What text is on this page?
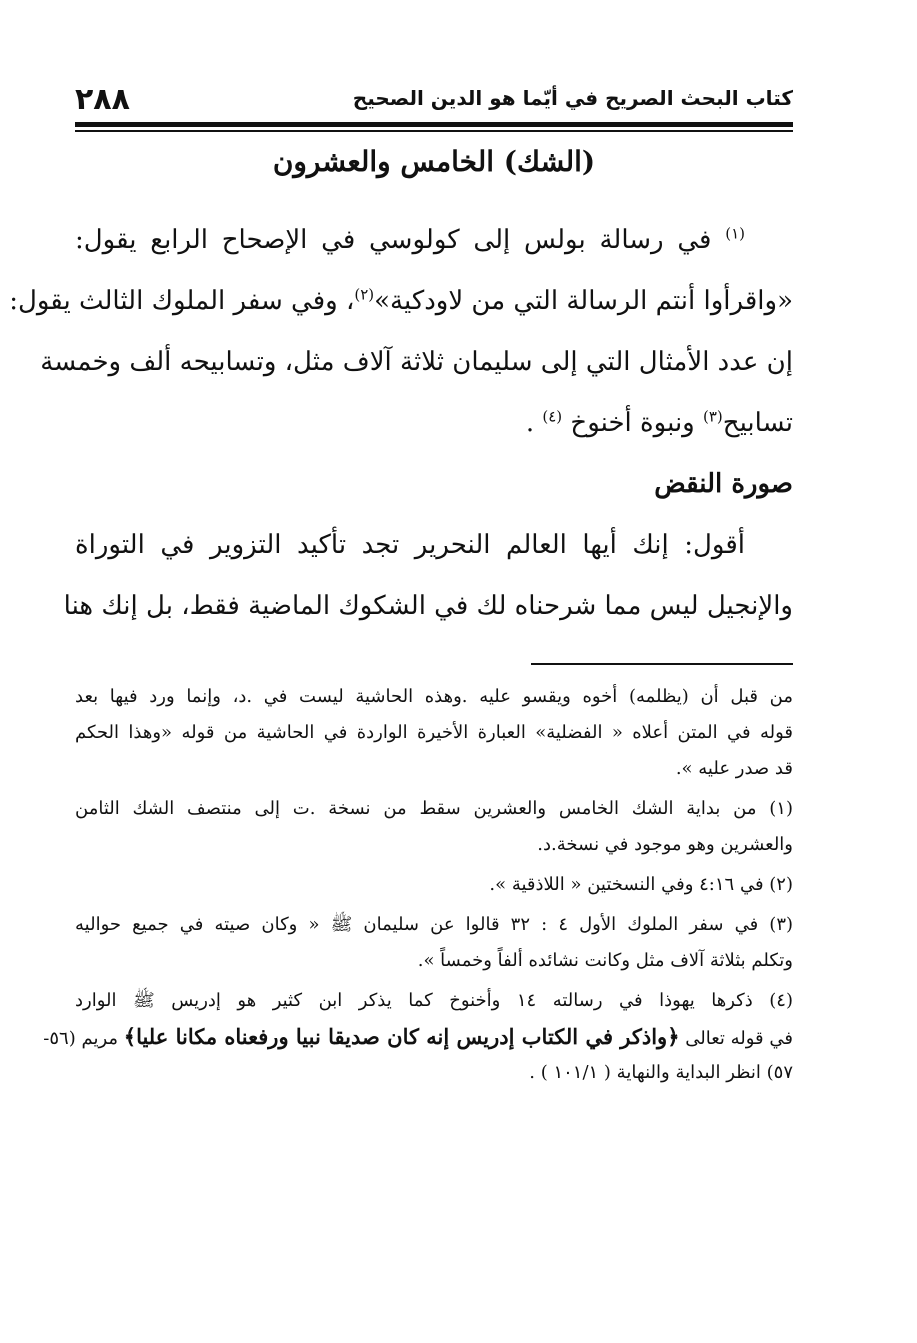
كتاب البحث الصريح في أيّما هو الدين الصحيح
٢٨٨
(الشك) الخامس والعشرون
$^{(١)}$ في رسالة بولس إلى كولوسي في الإصحاح الرابع يقول:
«واقرأوا أنتم الرسالة التي من لاودكية»$^{(٢)}$، وفي سفر الملوك الثالث يقول:
إن عدد الأمثال التي إلى سليمان ثلاثة آلاف مثل، وتسابيحه ألف وخمسة
تسابيح$^{(٣)}$ ونبوة أخنوخ $^{(٤)}$ .
صورة النقض
أقول: إنك أيها العالم النحرير تجد تأكيد التزوير في التوراة
والإنجيل ليس مما شرحناه لك في الشكوك الماضية فقط، بل إنك هنا
من قبل أن (يظلمه) أخوه ويقسو عليه .وهذه الحاشية ليست في .د، وإنما ورد فيها بعد
قوله في المتن أعلاه « الفضلية» العبارة الأخيرة الواردة في الحاشية من قوله «وهذا الحكم
قد صدر عليه ».
(١) من بداية الشك الخامس والعشرين سقط من نسخة .ت إلى منتصف الشك الثامن
والعشرين وهو موجود في نسخة.د.
(٢) في ٤:١٦ وفي النسختين « اللاذقية ».
(٣) في سفر الملوك الأول ٤ : ٣٢ قالوا عن سليمان ﷺ « وكان صيته في جميع حواليه
وتكلم بثلاثة آلاف مثل وكانت نشائده ألفاً وخمساً ».
(٤) ذكرها يهوذا في رسالته ١٤ وأخنوخ كما يذكر ابن كثير هو إدريس ﷺ الوارد
في قوله تعالى ﴿واذكر في الكتاب إدريس إنه كان صديقا نبيا ورفعناه مكانا عليا﴾ مريم (٥٦-
٥٧) انظر البداية والنهاية ( ١٠١/١ ) .
